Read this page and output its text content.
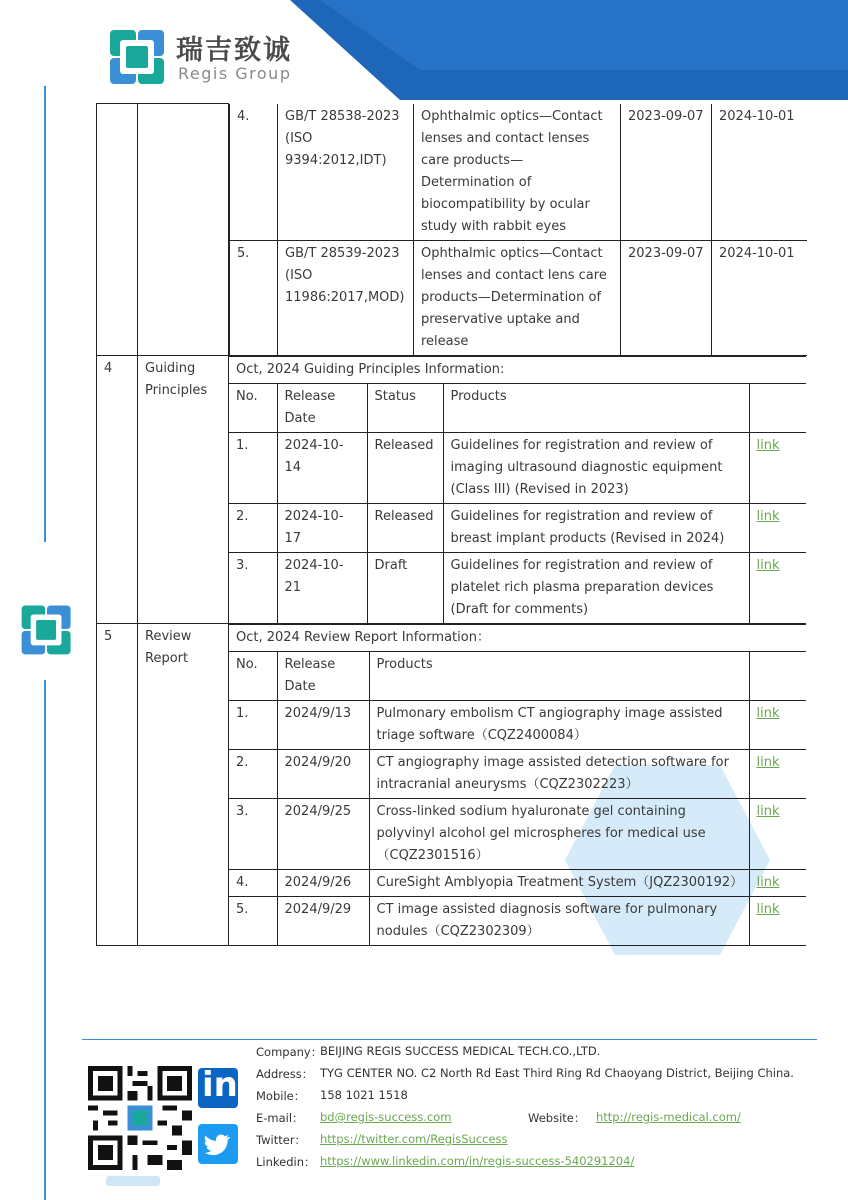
瑞吉致诚
Regis Group

4.	GB/T 28538-2023 (ISO 9394:2012,IDT)	Ophthalmic optics—Contact lenses and contact lenses care products—Determination of biocompatibility by ocular study with rabbit eyes	2023-09-07	2024-10-01
5.	GB/T 28539-2023 (ISO 11986:2017,MOD)	Ophthalmic optics—Contact lenses and contact lens care products—Determination of preservative uptake and release	2023-09-07	2024-10-01

4	Guiding Principles	
Oct, 2024 Guiding Principles Information:
No.	Release Date	Status	Products	
1.	2024-10-14	Released	Guidelines for registration and review of imaging ultrasound diagnostic equipment (Class III) (Revised in 2023)	link
2.	2024-10-17	Released	Guidelines for registration and review of breast implant products (Revised in 2024)	link
3.	2024-10-21	Draft	Guidelines for registration and review of platelet rich plasma preparation devices (Draft for comments)	link

5	Review Report	
Oct, 2024 Review Report Information：
No.	Release Date	Products	
1.	2024/9/13	Pulmonary embolism CT angiography image assisted triage software（CQZ2400084）	link
2.	2024/9/20	CT angiography image assisted detection software for intracranial aneurysms（CQZ2302223）	link
3.	2024/9/25	Cross-linked sodium hyaluronate gel containing polyvinyl alcohol gel microspheres for medical use（CQZ2301516）	link
4.	2024/9/26	CureSight Amblyopia Treatment System（JQZ2300192）	link
5.	2024/9/29	CT image assisted diagnosis software for pulmonary nodules（CQZ2302309）	link
in
Company：
BEIJING REGIS SUCCESS MEDICAL TECH.CO.,LTD.
Address： TYG CENTER NO. C2 North Rd East Third Ring Rd Chaoyang District, Beijing China.
Mobile： 158 1021 1518
E-mail： bd@regis-success.com	Website： http://regis-medical.com/
Twitter： https://twitter.com/RegisSuccess
Linkedin： https://www.linkedin.com/in/regis-success-540291204/
